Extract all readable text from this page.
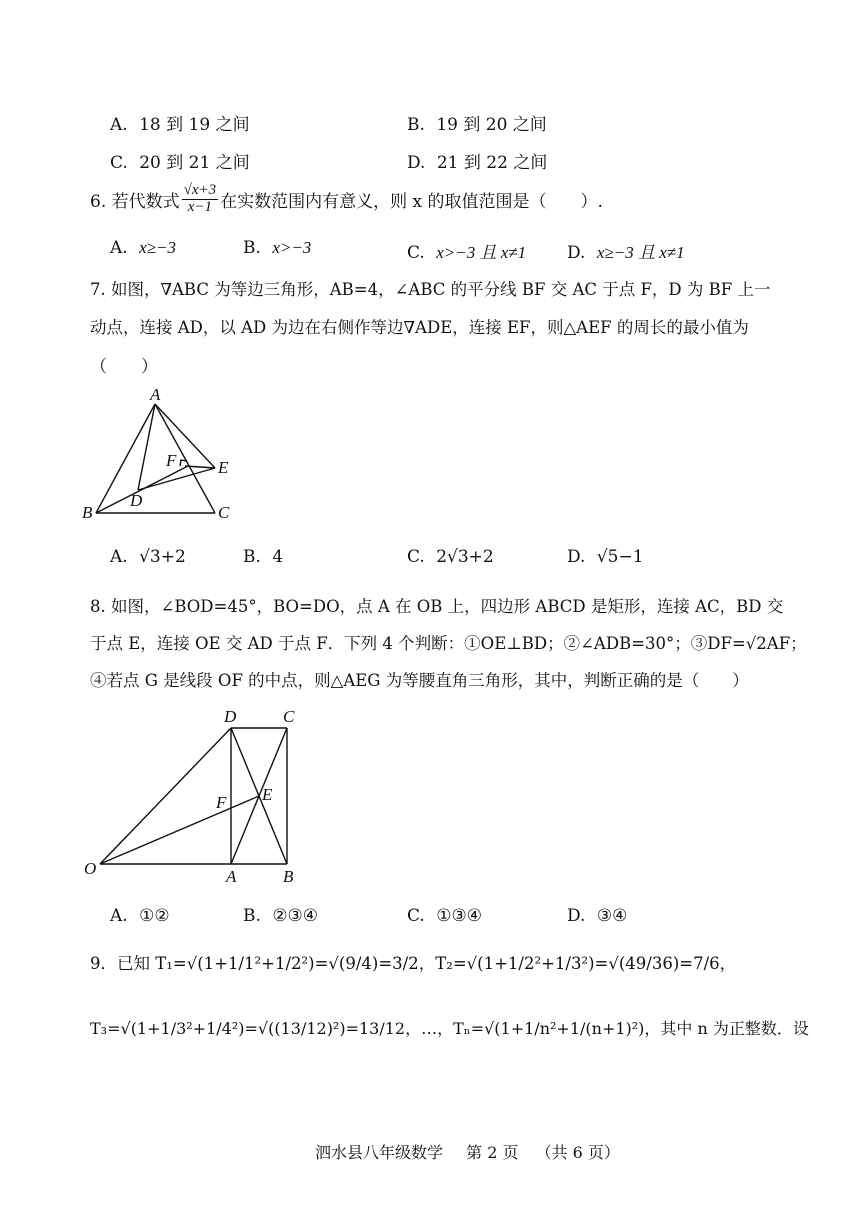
A. 18 到 19 之间	B. 19 到 20 之间
C. 20 到 21 之间	D. 21 到 22 之间
6. 若代数式 $\frac{√x+3}{x-1}$ 在实数范围内有意义，则 x 的取值范围是（　　）.
A. x≥−3	B. x>−3	C. x>−3 且 x≠1 D. x≥−3 且 x≠1
7. 如图，∇ABC 为等边三角形，AB=4，∠ABC 的平分线 BF 交 AC 于点 F，D 为 BF 上一
动点，连接 AD，以 AD 为边在右侧作等边∇ADE，连接 EF，则△AEF 的周长的最小值为
（　　）
A
B	C
D
E
F
A. √3+2	B. 4	C. 2√3+2	D. √5−1
8. 如图，∠BOD=45°，BO=DO，点 A 在 OB 上，四边形 ABCD 是矩形，连接 AC，BD 交
于点 E，连接 OE 交 AD 于点 F．下列 4 个判断：①OE⊥BD；②∠ADB=30°；③DF=√2AF；
④若点 G 是线段 OF 的中点，则△AEG 为等腰直角三角形，其中，判断正确的是（　　）
O	A	B
C
D
E
F
A. ①②	B. ②③④	C. ①③④	D. ③④
9．已知 T₁=√(1+1/1²+1/2²)=√(9/4)=3/2，T₂=√(1+1/2²+1/3²)=√(49/36)=7/6，
T₃=√(1+1/3²+1/4²)=√((13/12)²)=13/12，…，Tₙ=√(1+1/n²+1/(n+1)²)，其中 n 为正整数．设
泗水县八年级数学 第 2 页 （共 6 页）
